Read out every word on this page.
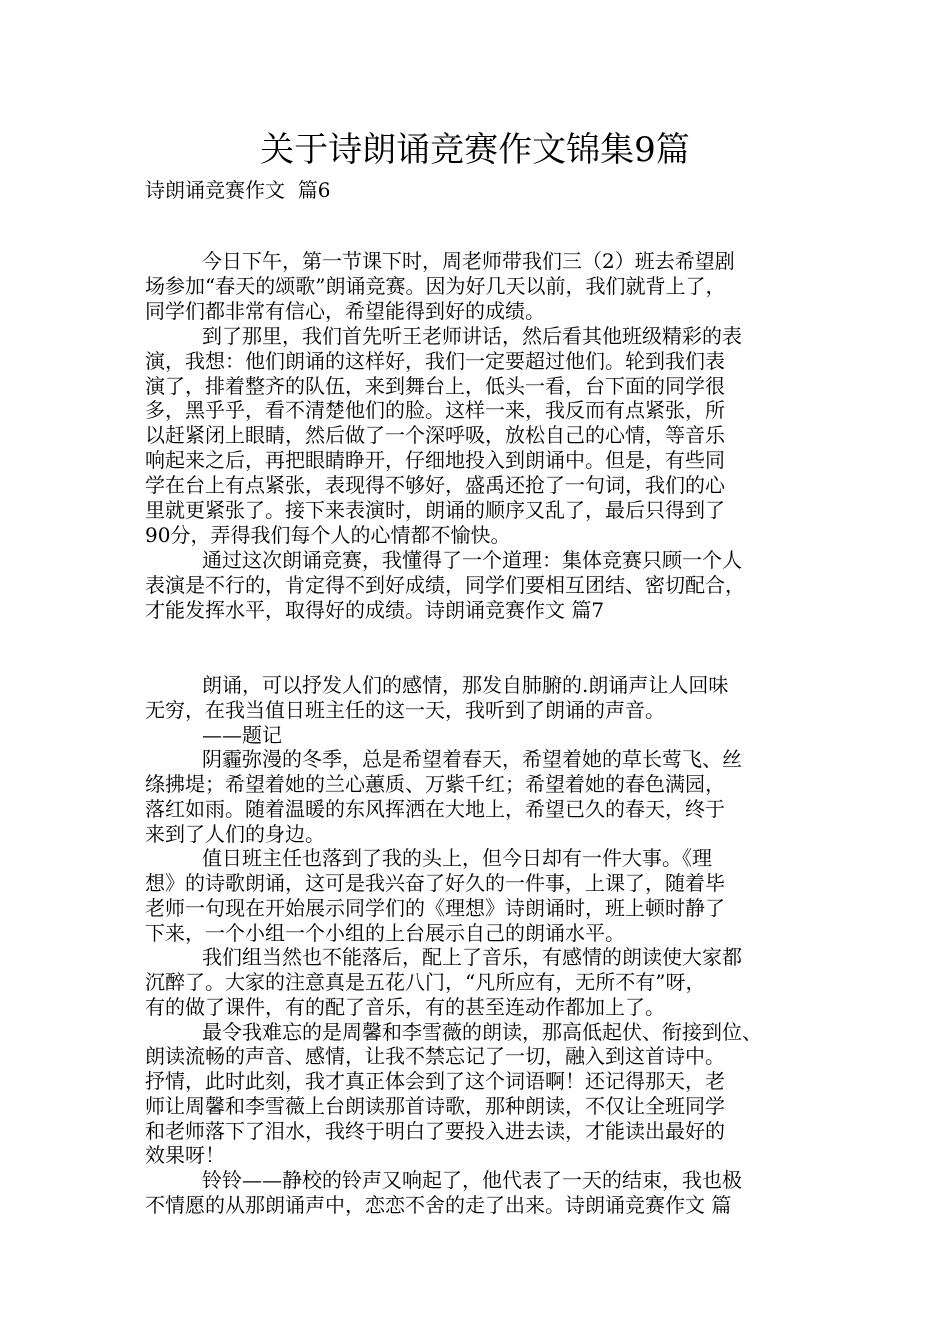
关于诗朗诵竞赛作文锦集9篇
诗朗诵竞赛作文  篇6

今日下午，第一节课下时，周老师带我们三（2）班去希望剧

场参加“春天的颂歌”朗诵竞赛。因为好几天以前，我们就背上了，

同学们都非常有信心，希望能得到好的成绩。

到了那里，我们首先听王老师讲话，然后看其他班级精彩的表

演，我想：他们朗诵的这样好，我们一定要超过他们。轮到我们表

演了，排着整齐的队伍，来到舞台上，低头一看，台下面的同学很

多，黑乎乎，看不清楚他们的脸。这样一来，我反而有点紧张，所

以赶紧闭上眼睛，然后做了一个深呼吸，放松自己的心情，等音乐

响起来之后，再把眼睛睁开，仔细地投入到朗诵中。但是，有些同

学在台上有点紧张，表现得不够好，盛禹还抢了一句词，我们的心

里就更紧张了。接下来表演时，朗诵的顺序又乱了，最后只得到了

90分，弄得我们每个人的心情都不愉快。

通过这次朗诵竞赛，我懂得了一个道理：集体竞赛只顾一个人

表演是不行的，肯定得不到好成绩，同学们要相互团结、密切配合，

才能发挥水平，取得好的成绩。诗朗诵竞赛作文 篇7

朗诵，可以抒发人们的感情，那发自肺腑的.朗诵声让人回味

无穷，在我当值日班主任的这一天，我听到了朗诵的声音。

——题记

阴霾弥漫的冬季，总是希望着春天，希望着她的草长莺飞、丝

绦拂堤；希望着她的兰心蕙质、万紫千红；希望着她的春色满园，

落红如雨。随着温暖的东风挥洒在大地上，希望已久的春天，终于

来到了人们的身边。

值日班主任也落到了我的头上，但今日却有一件大事。《理

想》的诗歌朗诵，这可是我兴奋了好久的一件事，上课了，随着毕

老师一句现在开始展示同学们的《理想》诗朗诵时，班上顿时静了

下来，一个小组一个小组的上台展示自己的朗诵水平。

我们组当然也不能落后，配上了音乐，有感情的朗读使大家都

沉醉了。大家的注意真是五花八门，“凡所应有，无所不有”呀，

有的做了课件，有的配了音乐，有的甚至连动作都加上了。

最令我难忘的是周馨和李雪薇的朗读，那高低起伏、衔接到位、

朗读流畅的声音、感情，让我不禁忘记了一切，融入到这首诗中。

抒情，此时此刻，我才真正体会到了这个词语啊！还记得那天，老

师让周馨和李雪薇上台朗读那首诗歌，那种朗读，不仅让全班同学

和老师落下了泪水，我终于明白了要投入进去读，才能读出最好的

效果呀！

铃铃——静校的铃声又响起了，他代表了一天的结束，我也极

不情愿的从那朗诵声中，恋恋不舍的走了出来。诗朗诵竞赛作文 篇
